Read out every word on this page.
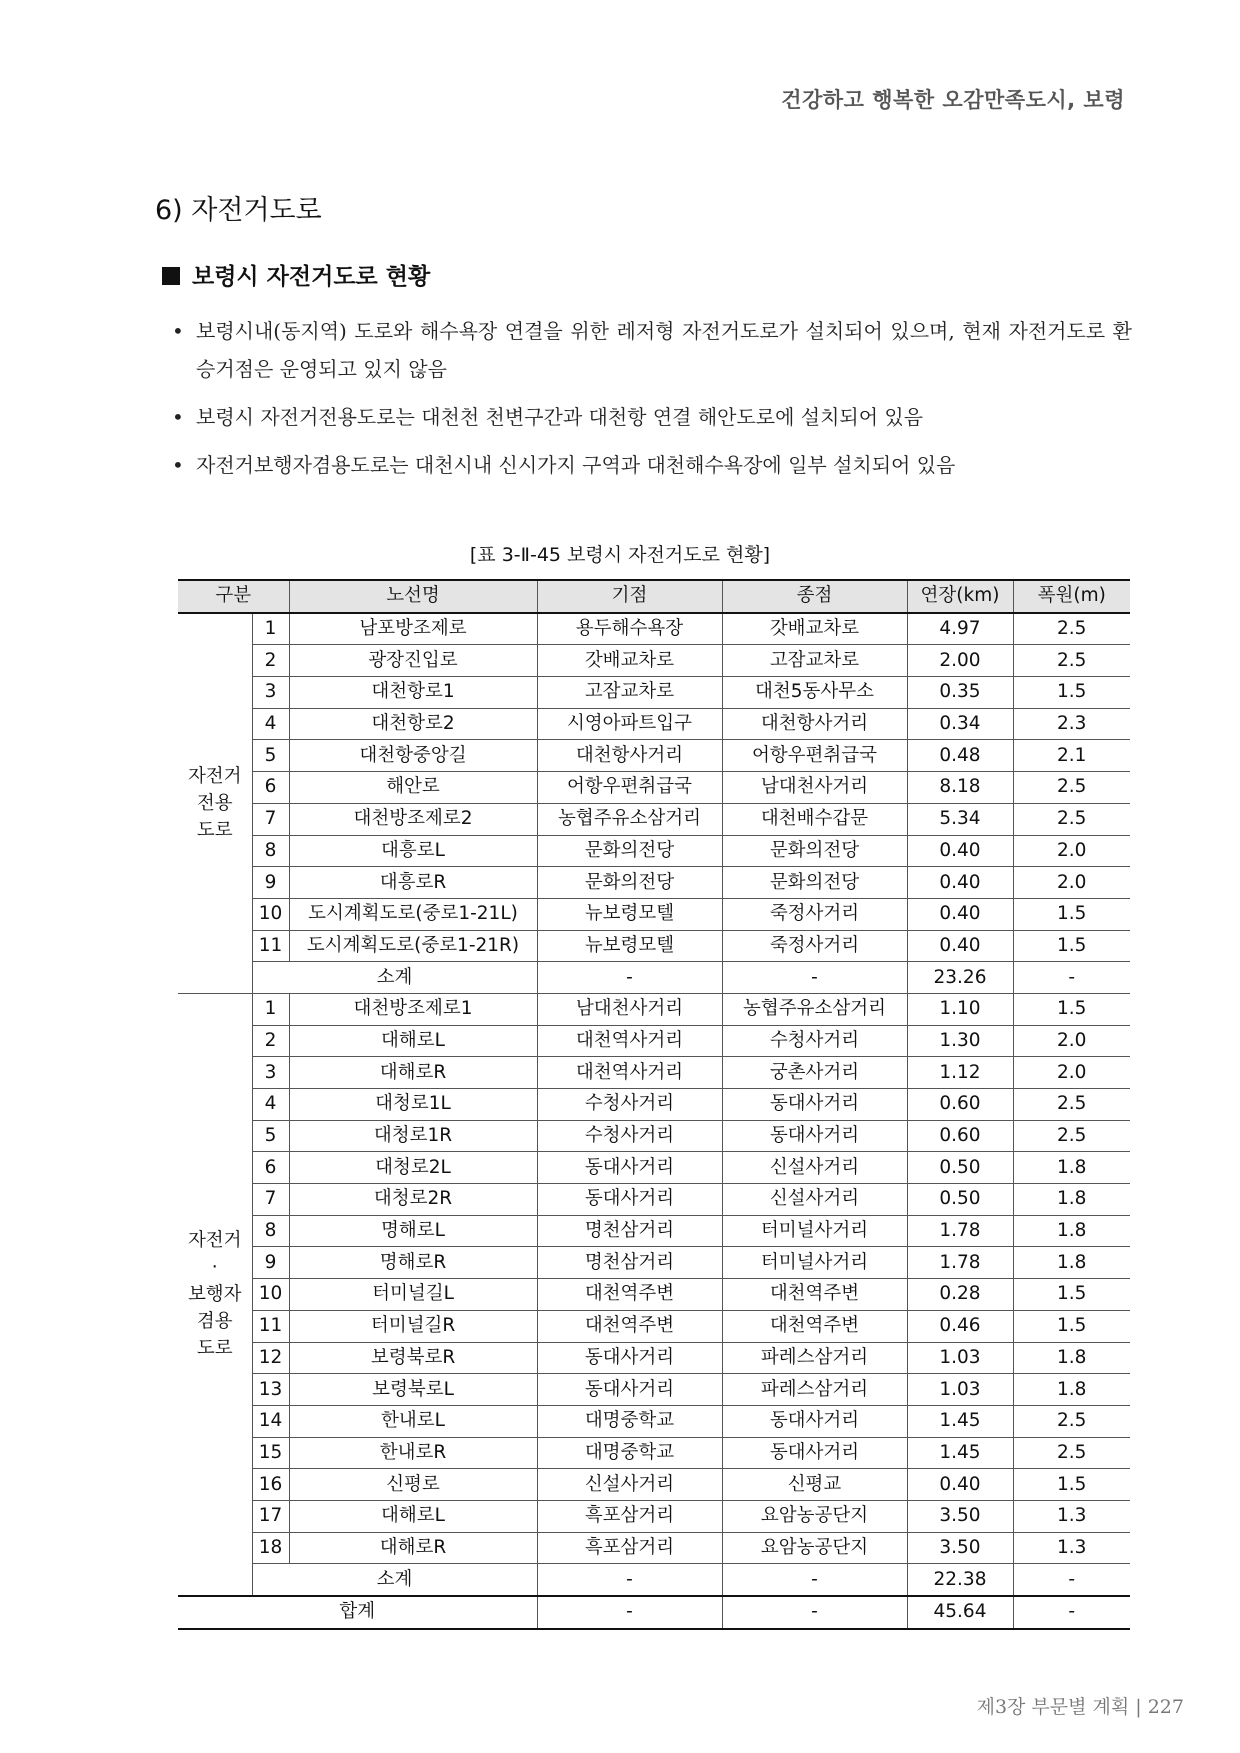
건강하고 행복한 오감만족도시, 보령
6) 자전거도로
보령시 자전거도로 현황
• 보령시내(동지역) 도로와 해수욕장 연결을 위한 레저형 자전거도로가 설치되어 있으며, 현재 자전거도로 환승거점은 운영되고 있지 않음
• 보령시 자전거전용도로는 대천천 천변구간과 대천항 연결 해안도로에 설치되어 있음
• 자전거보행자겸용도로는 대천시내 신시가지 구역과 대천해수욕장에 일부 설치되어 있음
[표 3-Ⅱ-45 보령시 자전거도로 현황]
구분		노선명	기점	종점	연장(km)	폭원(m)
자전거
전용
도로	1	남포방조제로	용두해수욕장	갓배교차로	4.97	2.5
	2	광장진입로	갓배교차로	고잠교차로	2.00	2.5
	3	대천항로1	고잠교차로	대천5동사무소	0.35	1.5
	4	대천항로2	시영아파트입구	대천항사거리	0.34	2.3
	5	대천항중앙길	대천항사거리	어항우편취급국	0.48	2.1
	6	해안로	어항우편취급국	남대천사거리	8.18	2.5
	7	대천방조제로2	농협주유소삼거리	대천배수갑문	5.34	2.5
	8	대흥로L	문화의전당	문화의전당	0.40	2.0
	9	대흥로R	문화의전당	문화의전당	0.40	2.0
	10	도시계획도로(중로1-21L)	뉴보령모텔	죽정사거리	0.40	1.5
	11	도시계획도로(중로1-21R)	뉴보령모텔	죽정사거리	0.40	1.5
	소계		-	-	23.26	-
자전거
·
보행자
겸용
도로	1	대천방조제로1	남대천사거리	농협주유소삼거리	1.10	1.5
	2	대해로L	대천역사거리	수청사거리	1.30	2.0
	3	대해로R	대천역사거리	궁촌사거리	1.12	2.0
	4	대청로1L	수청사거리	동대사거리	0.60	2.5
	5	대청로1R	수청사거리	동대사거리	0.60	2.5
	6	대청로2L	동대사거리	신설사거리	0.50	1.8
	7	대청로2R	동대사거리	신설사거리	0.50	1.8
	8	명해로L	명천삼거리	터미널사거리	1.78	1.8
	9	명해로R	명천삼거리	터미널사거리	1.78	1.8
	10	터미널길L	대천역주변	대천역주변	0.28	1.5
	11	터미널길R	대천역주변	대천역주변	0.46	1.5
	12	보령북로R	동대사거리	파레스삼거리	1.03	1.8
	13	보령북로L	동대사거리	파레스삼거리	1.03	1.8
	14	한내로L	대명중학교	동대사거리	1.45	2.5
	15	한내로R	대명중학교	동대사거리	1.45	2.5
	16	신평로	신설사거리	신평교	0.40	1.5
	17	대해로L	흑포삼거리	요암농공단지	3.50	1.3
	18	대해로R	흑포삼거리	요암농공단지	3.50	1.3
	소계		-	-	22.38	-
합계			-	-	45.64	-
제3장 부문별 계획 | 227
